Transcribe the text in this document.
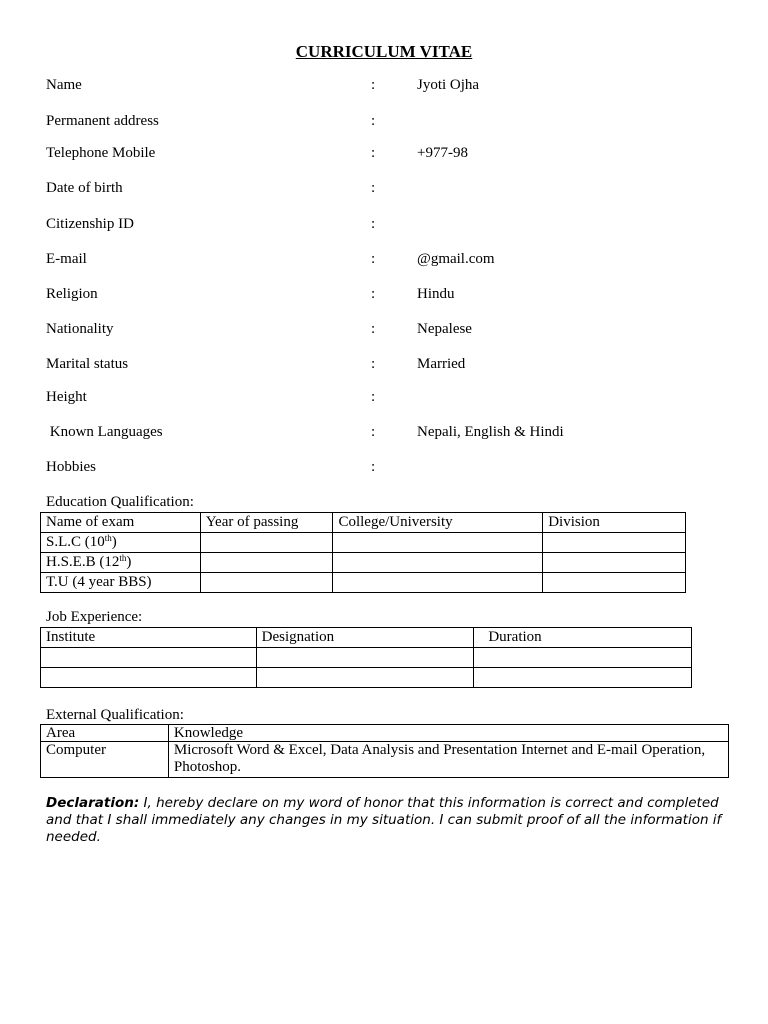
CURRICULUM VITAE
Name	:	Jyoti Ojha
Permanent address	:
Telephone Mobile	:	+977-98
Date of birth	:
Citizenship ID	:
E-mail	:	@gmail.com
Religion	:	Hindu
Nationality	:	Nepalese
Marital status	:	Married
Height	:
Known Languages	:	Nepali, English & Hindi
Hobbies	:
Education Qualification:
Name of exam	Year of passing	College/University	Division
S.L.C (10th)			
H.S.E.B (12th)			
T.U (4 year BBS)			
Job Experience:
Institute	Designation	Duration

External Qualification:
Area	Knowledge
Computer	Microsoft Word & Excel, Data Analysis and Presentation Internet and E-mail Operation, Photoshop.
Declaration: I, hereby declare on my word of honor that this information is correct and completed and that I shall immediately any changes in my situation. I can submit proof of all the information if needed.
